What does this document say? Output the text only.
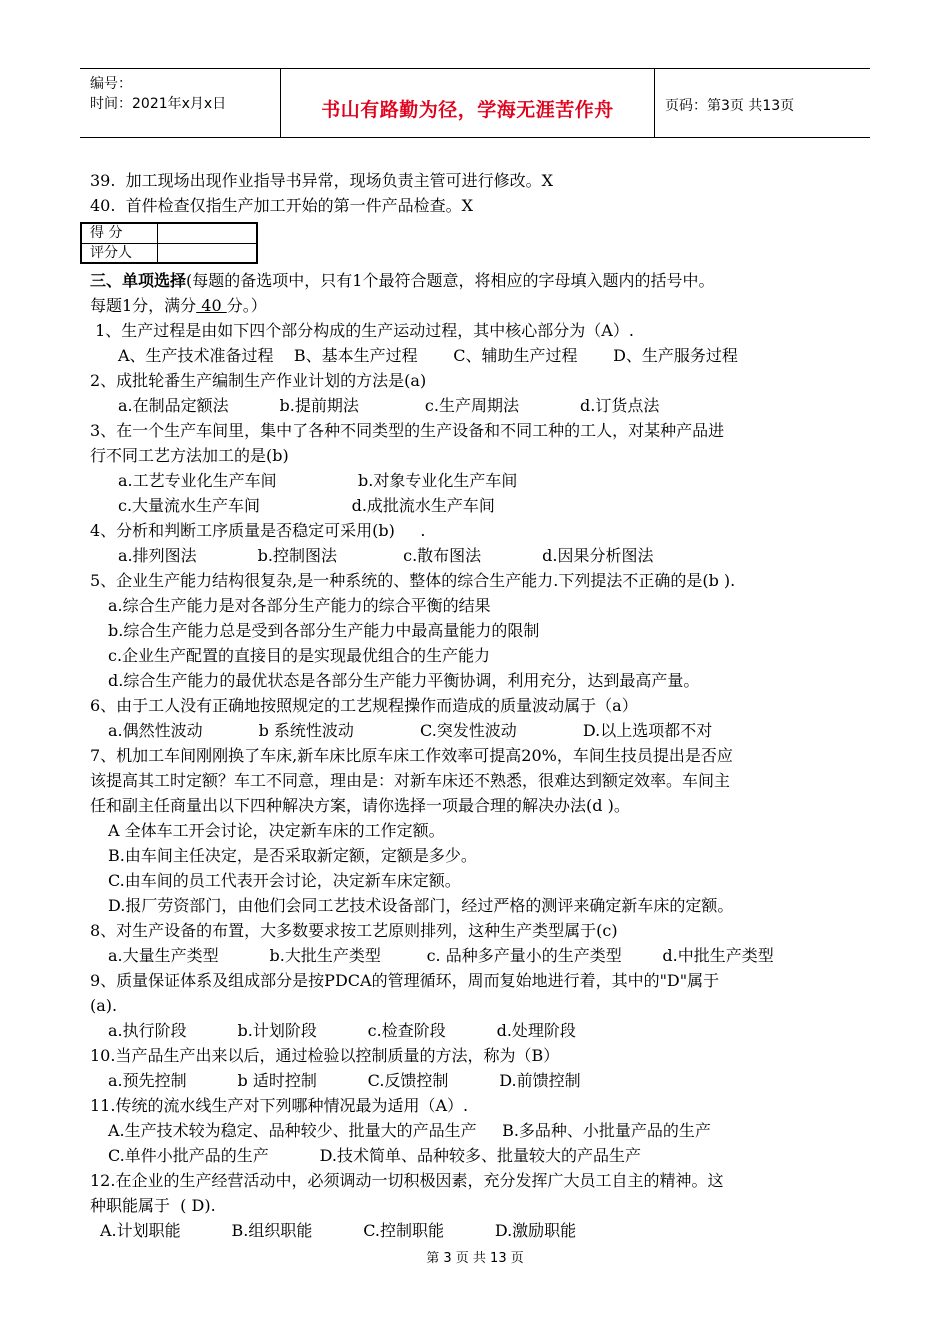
编号：
时间：2021年x月x日	书山有路勤为径，学海无涯苦作舟	页码：第3页 共13页
39.  加工现场出现作业指导书异常，现场负责主管可进行修改。X
40.  首件检查仅指生产加工开始的第一件产品检查。X
得 分
评分人
三、单项选择(每题的备选项中，只有1个最符合题意，将相应的字母填入题内的括号中。
每题1分，满分 40 分。）
1、生产过程是由如下四个部分构成的生产运动过程，其中核心部分为（A）.
A、生产技术准备过程    B、基本生产过程       C、辅助生产过程       D、生产服务过程
2、成批轮番生产编制生产作业计划的方法是(a)
a.在制品定额法          b.提前期法             c.生产周期法            d.订货点法
3、在一个生产车间里，集中了各种不同类型的生产设备和不同工种的工人，对某种产品进
行不同工艺方法加工的是(b)
a.工艺专业化生产车间                b.对象专业化生产车间
c.大量流水生产车间                  d.成批流水生产车间
4、分析和判断工序质量是否稳定可采用(b)     .
a.排列图法            b.控制图法             c.散布图法            d.因果分析图法
5、企业生产能力结构很复杂,是一种系统的、整体的综合生产能力.下列提法不正确的是(b ).
a.综合生产能力是对各部分生产能力的综合平衡的结果
b.综合生产能力总是受到各部分生产能力中最高量能力的限制
c.企业生产配置的直接目的是实现最优组合的生产能力
d.综合生产能力的最优状态是各部分生产能力平衡协调，利用充分，达到最高产量。
6、由于工人没有正确地按照规定的工艺规程操作而造成的质量波动属于（a）
a.偶然性波动           b 系统性波动             C.突发性波动             D.以上选项都不对
7、机加工车间刚刚换了车床,新车床比原车床工作效率可提高20%，车间生技员提出是否应
该提高其工时定额？车工不同意，理由是：对新车床还不熟悉，很难达到额定效率。车间主
任和副主任商量出以下四种解决方案，请你选择一项最合理的解决办法(d )。
A 全体车工开会讨论，决定新车床的工作定额。
B.由车间主任决定，是否采取新定额，定额是多少。
C.由车间的员工代表开会讨论，决定新车床定额。
D.报厂劳资部门，由他们会同工艺技术设备部门，经过严格的测评来确定新车床的定额。
8、对生产设备的布置，大多数要求按工艺原则排列，这种生产类型属于(c)
a.大量生产类型          b.大批生产类型         c. 品种多产量小的生产类型        d.中批生产类型
9、质量保证体系及组成部分是按PDCA的管理循环，周而复始地进行着，其中的"D"属于
(a).
a.执行阶段          b.计划阶段          c.检查阶段          d.处理阶段
10.当产品生产出来以后，通过检验以控制质量的方法，称为（B）
a.预先控制          b 适时控制          C.反馈控制          D.前馈控制
11.传统的流水线生产对下列哪种情况最为适用（A）.
A.生产技术较为稳定、品种较少、批量大的产品生产     B.多品种、小批量产品的生产
C.单件小批产品的生产          D.技术简单、品种较多、批量较大的产品生产
12.在企业的生产经营活动中，必须调动一切积极因素，充分发挥广大员工自主的精神。这
种职能属于  ( D).
A.计划职能          B.组织职能          C.控制职能          D.激励职能
第 3 页 共 13 页
